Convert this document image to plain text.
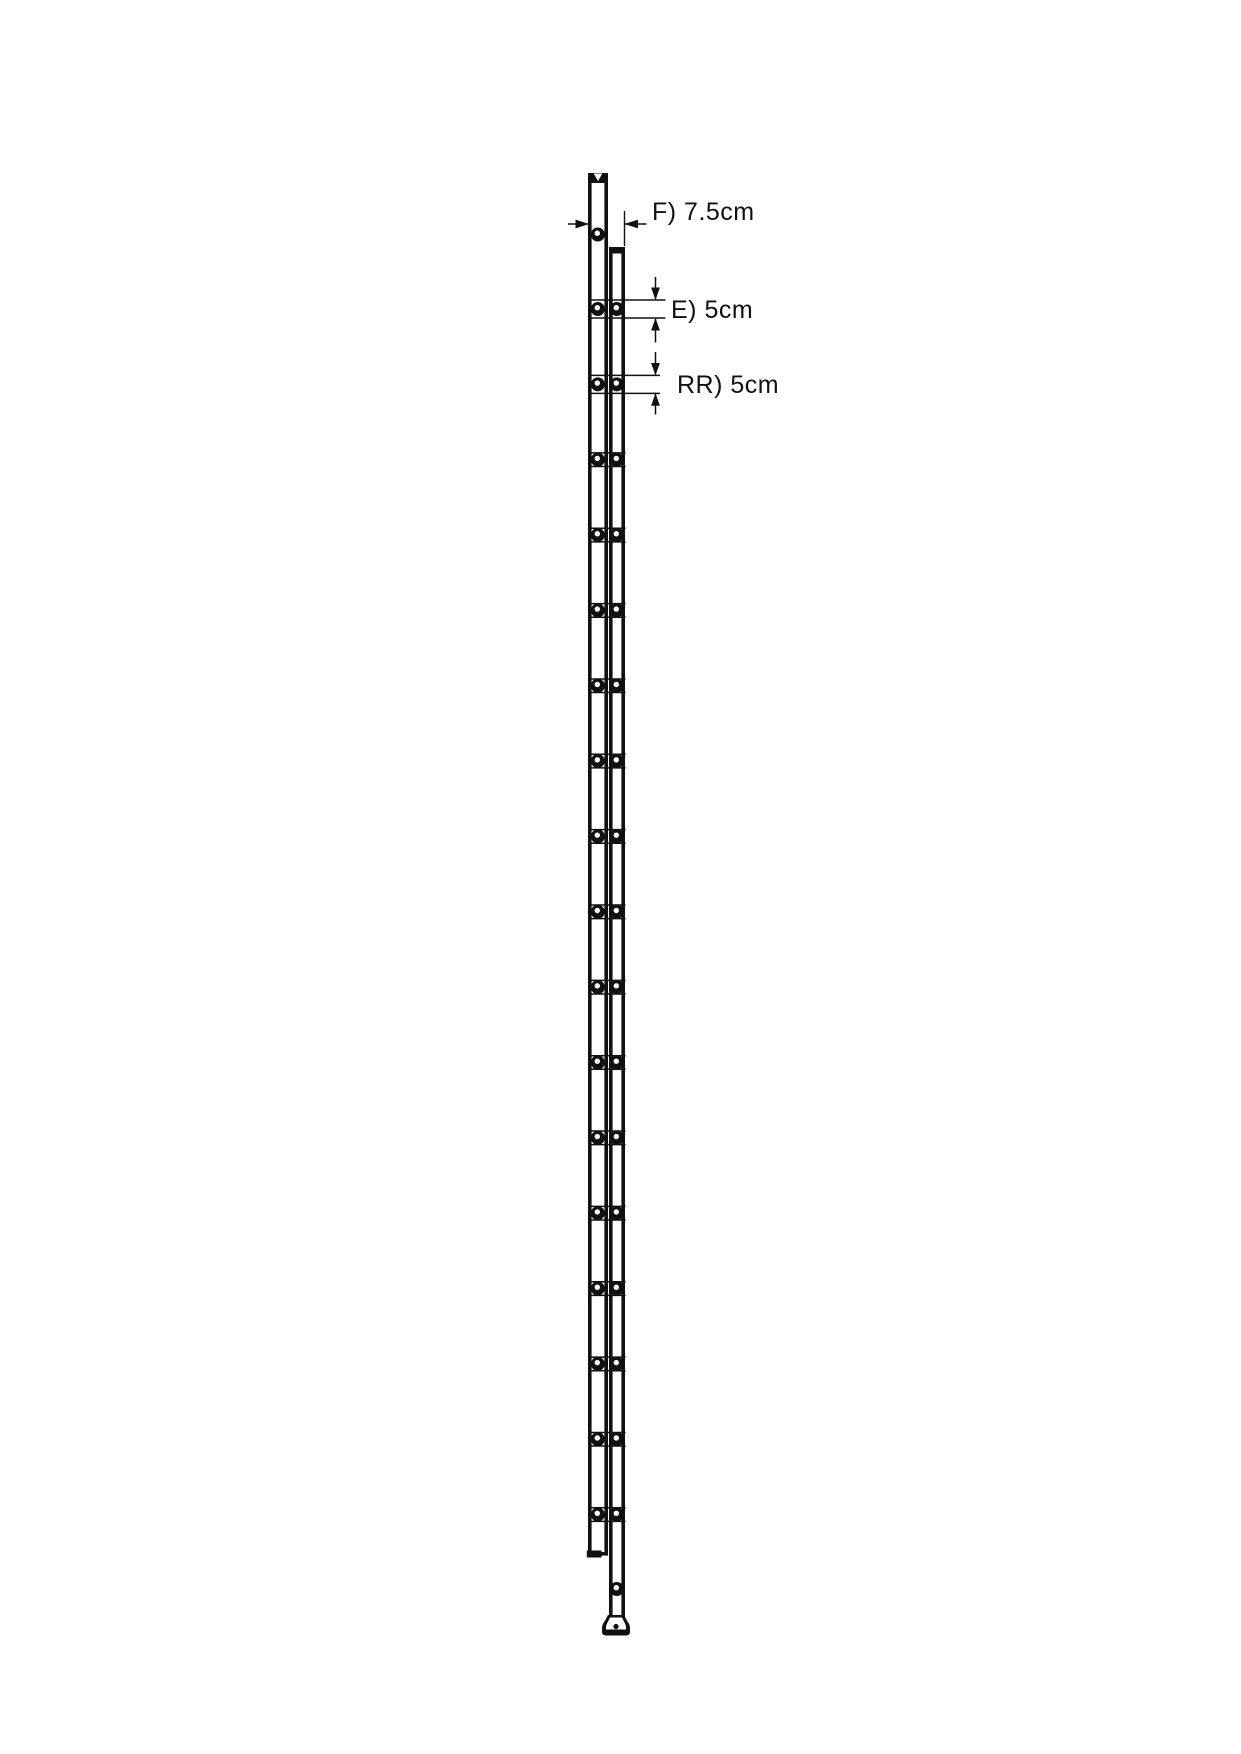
F) 7.5cm
E) 5cm
RR) 5cm
